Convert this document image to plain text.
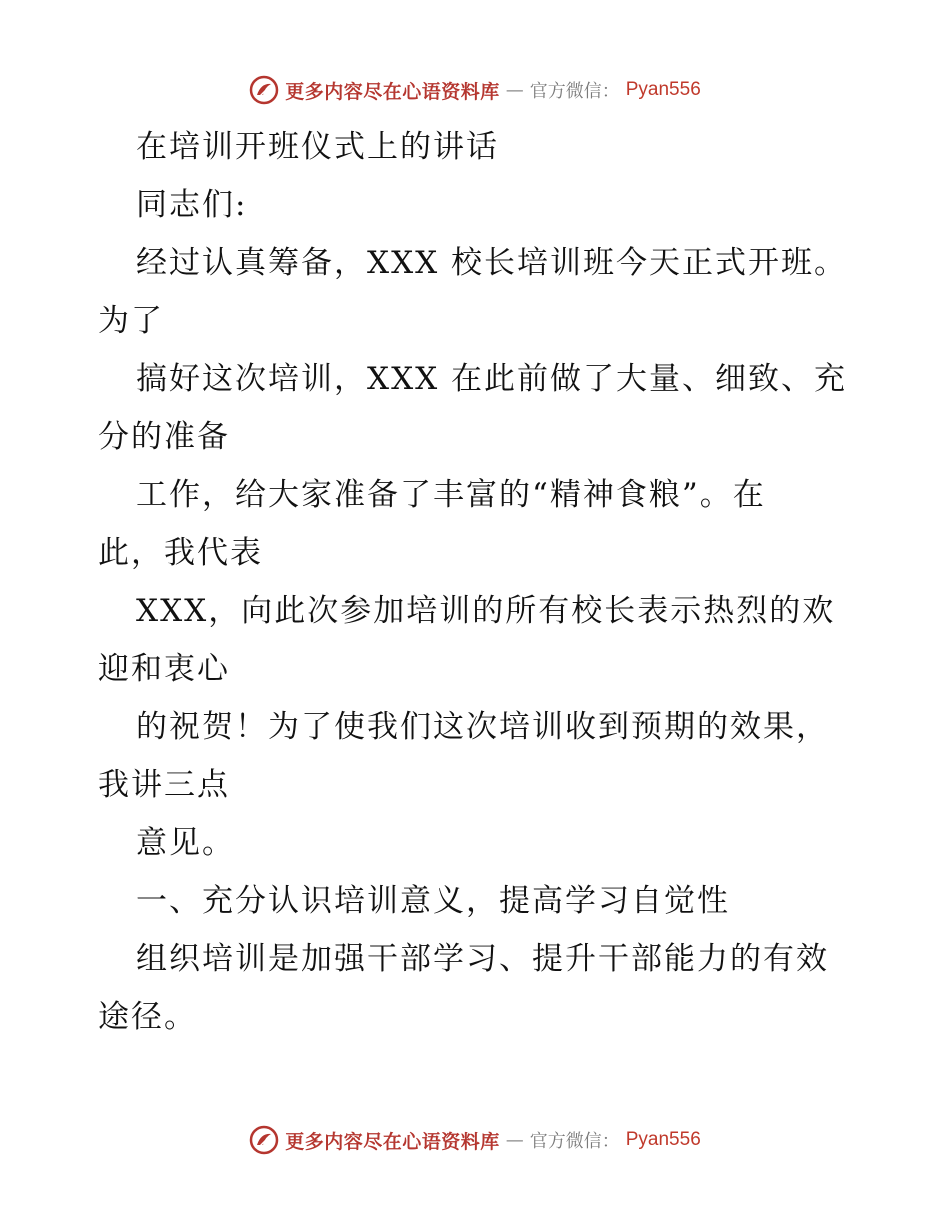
更多内容尽在心语资料库 — 官方微信： Pyan556
在培训开班仪式上的讲话
同志们:
经过认真筹备，XXX 校长培训班今天正式开班。
为了
搞好这次培训，XXX 在此前做了大量、细致、充
分的准备
工作，给大家准备了丰富的“精神食粮”。在
此，我代表
XXX，向此次参加培训的所有校长表示热烈的欢
迎和衷心
的祝贺！为了使我们这次培训收到预期的效果，
我讲三点
意见。
一、充分认识培训意义，提高学习自觉性
组织培训是加强干部学习、提升干部能力的有效
途径。
更多内容尽在心语资料库 — 官方微信： Pyan556
